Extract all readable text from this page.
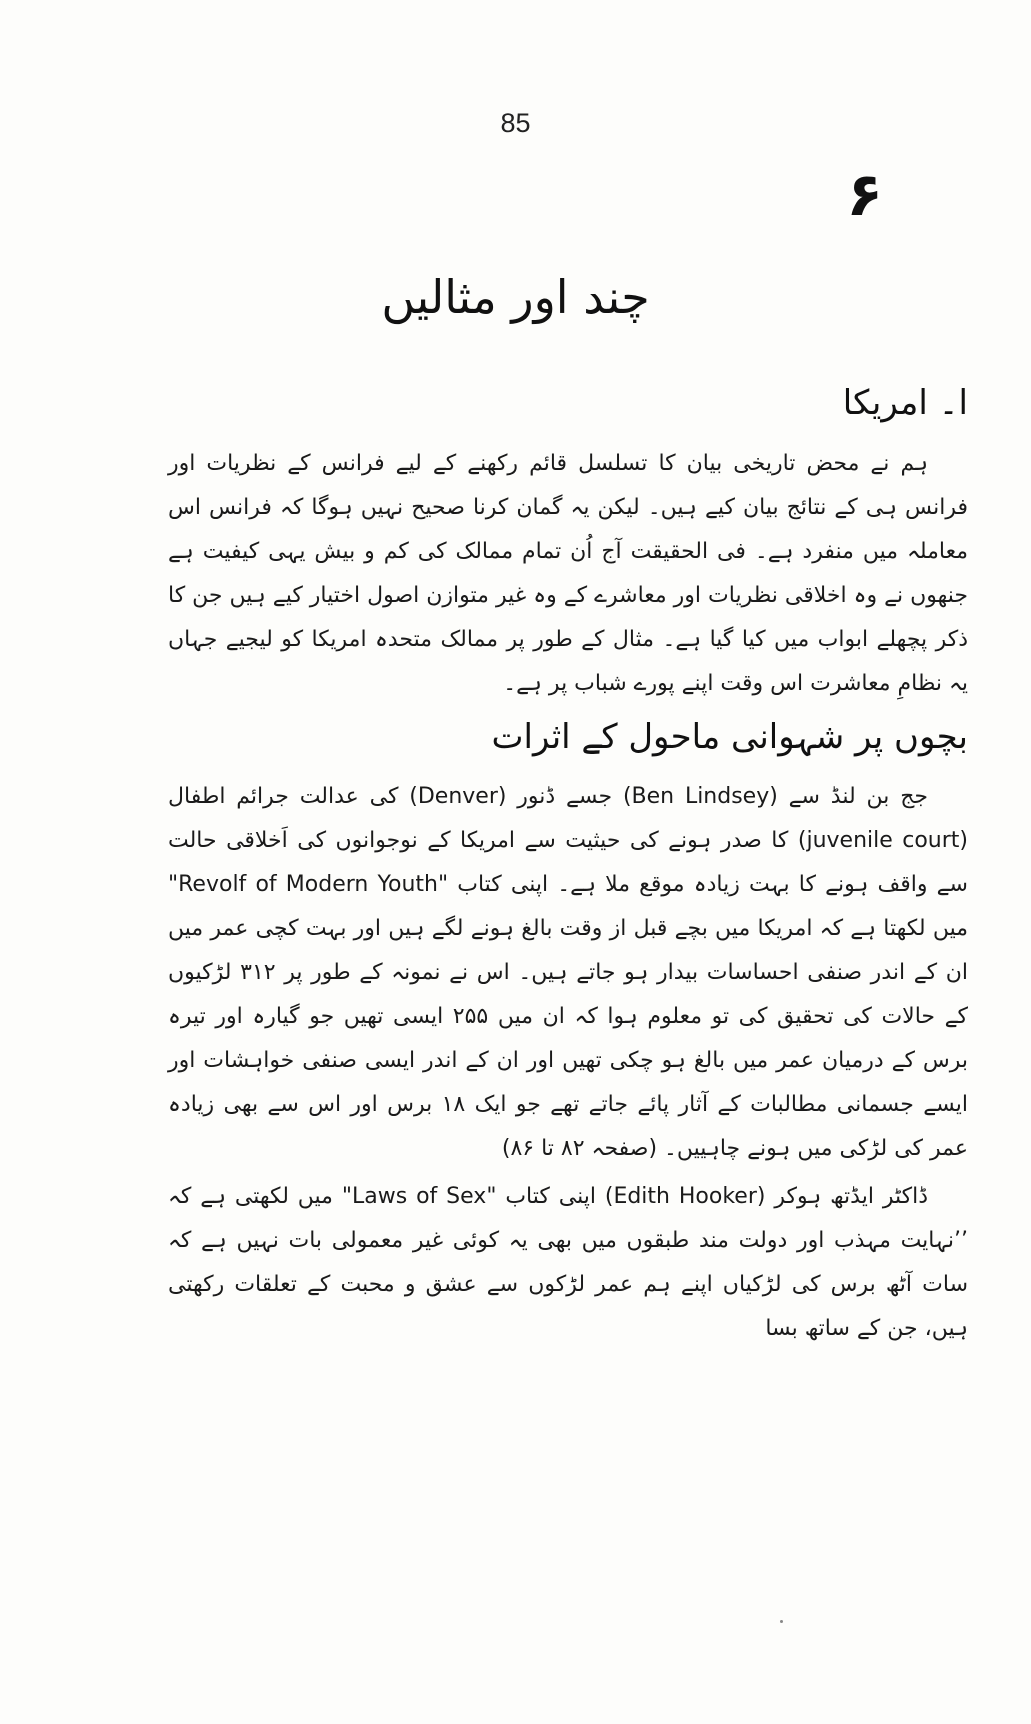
85
۶
چند اور مثالیں
ا۔ امریکا

ہم نے محض تاریخی بیان کا تسلسل قائم رکھنے کے لیے فرانس کے نظریات اور فرانس ہی کے نتائج بیان کیے ہیں۔ لیکن یہ گمان کرنا صحیح نہیں ہوگا کہ فرانس اس معاملہ میں منفرد ہے۔ فی الحقیقت آج اُن تمام ممالک کی کم و بیش یہی کیفیت ہے جنھوں نے وہ اخلاقی نظریات اور معاشرے کے وہ غیر متوازن اصول اختیار کیے ہیں جن کا ذکر پچھلے ابواب میں کیا گیا ہے۔ مثال کے طور پر ممالک متحدہ امریکا کو لیجیے جہاں یہ نظامِ معاشرت اس وقت اپنے پورے شباب پر ہے۔

بچوں پر شہوانی ماحول کے اثرات

جج بن لنڈ سے (Ben Lindsey) جسے ڈنور (Denver) کی عدالت جرائم اطفال (juvenile court) کا صدر ہونے کی حیثیت سے امریکا کے نوجوانوں کی اَخلاقی حالت سے واقف ہونے کا بہت زیادہ موقع ملا ہے۔ اپنی کتاب "Revolf of Modern Youth" میں لکھتا ہے کہ امریکا میں بچے قبل از وقت بالغ ہونے لگے ہیں اور بہت کچی عمر میں ان کے اندر صنفی احساسات بیدار ہو جاتے ہیں۔ اس نے نمونہ کے طور پر ۳۱۲ لڑکیوں کے حالات کی تحقیق کی تو معلوم ہوا کہ ان میں ۲۵۵ ایسی تھیں جو گیارہ اور تیرہ برس کے درمیان عمر میں بالغ ہو چکی تھیں اور ان کے اندر ایسی صنفی خواہشات اور ایسے جسمانی مطالبات کے آثار پائے جاتے تھے جو ایک ۱۸ برس اور اس سے بھی زیادہ عمر کی لڑکی میں ہونے چاہییں۔ (صفحہ ۸۲ تا ۸۶)

ڈاکٹر ایڈتھ ہوکر (Edith Hooker) اپنی کتاب "Laws of Sex" میں لکھتی ہے کہ ’’نہایت مہذب اور دولت مند طبقوں میں بھی یہ کوئی غیر معمولی بات نہیں ہے کہ سات آٹھ برس کی لڑکیاں اپنے ہم عمر لڑکوں سے عشق و محبت کے تعلقات رکھتی ہیں، جن کے ساتھ بسا
